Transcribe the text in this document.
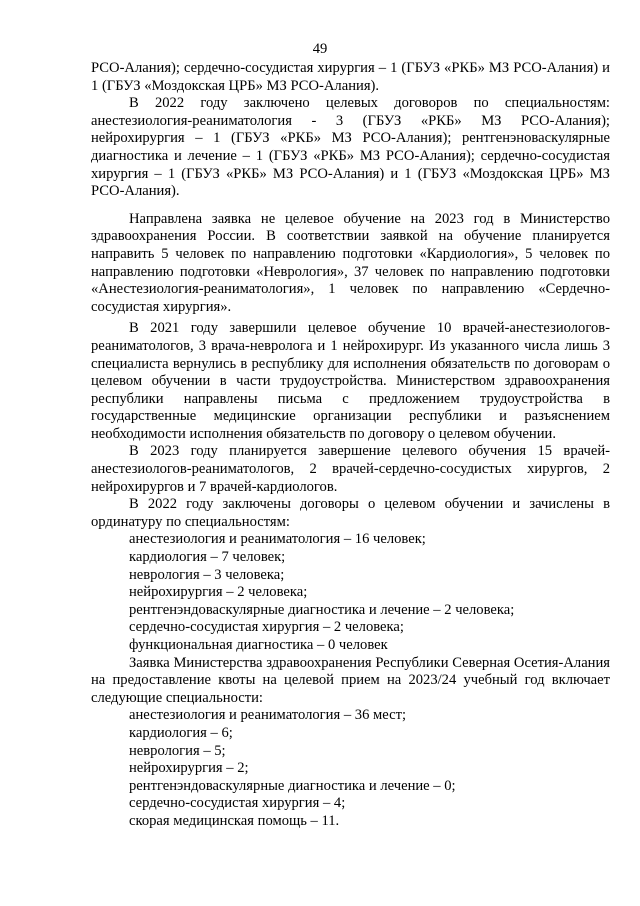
49

РСО-Алания); сердечно-сосудистая хирургия – 1 (ГБУЗ «РКБ» МЗ РСО-Алания) и 1 (ГБУЗ «Моздокская ЦРБ» МЗ РСО-Алания).

В 2022 году заключено целевых договоров по специальностям: анестезиология-реаниматология - 3 (ГБУЗ «РКБ» МЗ РСО-Алания); нейрохирургия – 1 (ГБУЗ «РКБ» МЗ РСО-Алания); рентгенэноваскулярные диагностика и лечение – 1 (ГБУЗ «РКБ» МЗ РСО-Алания); сердечно-сосудистая хирургия – 1 (ГБУЗ «РКБ» МЗ РСО-Алания) и 1 (ГБУЗ «Моздокская ЦРБ» МЗ РСО-Алания).

Направлена заявка не целевое обучение на 2023 год в Министерство здравоохранения России. В соответствии заявкой на обучение планируется направить 5 человек по направлению подготовки «Кардиология», 5 человек по направлению подготовки «Неврология», 37 человек по направлению подготовки «Анестезиология-реаниматология», 1 человек по направлению «Сердечно-сосудистая хирургия».

В 2021 году завершили целевое обучение 10 врачей-анестезиологов-реаниматологов, 3 врача-невролога и 1 нейрохирург. Из указанного числа лишь 3 специалиста вернулись в республику для исполнения обязательств по договорам о целевом обучении в части трудоустройства. Министерством здравоохранения республики направлены письма с предложением трудоустройства в государственные медицинские организации республики и разъяснением необходимости исполнения обязательств по договору о целевом обучении.

В 2023 году планируется завершение целевого обучения 15 врачей-анестезиологов-реаниматологов, 2 врачей-сердечно-сосудистых хирургов, 2 нейрохирургов и 7 врачей-кардиологов.

В 2022 году заключены договоры о целевом обучении и зачислены в ординатуру по специальностям:

анестезиология и реаниматология – 16 человек;

кардиология – 7 человек;

неврология – 3 человека;

нейрохирургия – 2 человека;

рентгенэндоваскулярные диагностика и лечение – 2 человека;

сердечно-сосудистая хирургия – 2 человека;

функциональная диагностика – 0 человек

Заявка Министерства здравоохранения Республики Северная Осетия-Алания на предоставление квоты на целевой прием на 2023/24 учебный год включает следующие специальности:

анестезиология и реаниматология – 36 мест;

кардиология – 6;

неврология – 5;

нейрохирургия – 2;

рентгенэндоваскулярные диагностика и лечение – 0;

сердечно-сосудистая хирургия – 4;

скорая медицинская помощь – 11.
